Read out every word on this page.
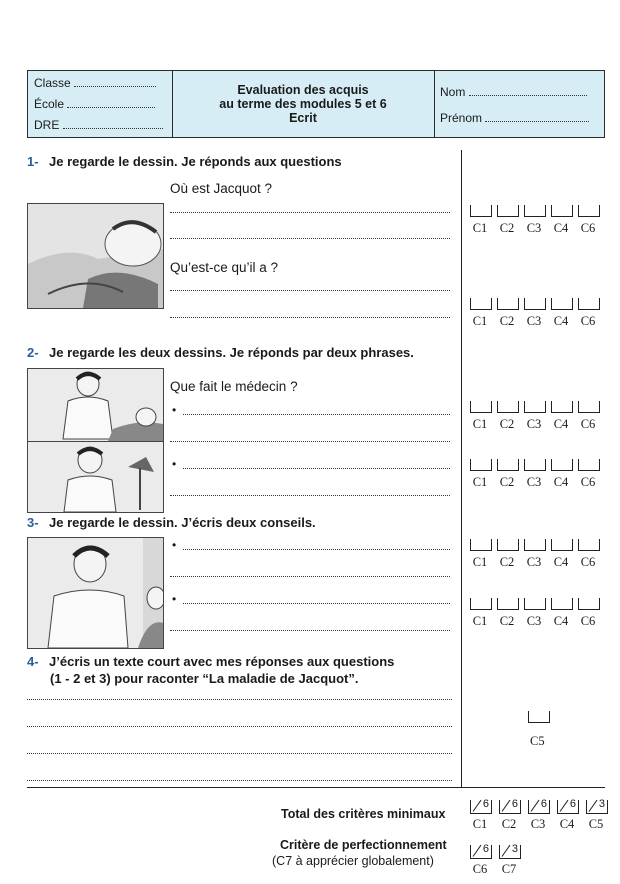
Classe
École
DRE
Evaluation des acquis
au terme des modules 5 et 6
Ecrit
Nom
Prénom
1- Je regarde le dessin. Je réponds aux questions
Où est Jacquot ?
Qu’est-ce qu’il a ?
2- Je regarde les deux dessins. Je réponds par deux phrases.
Que fait le médecin ?
•
•
3- Je regarde le dessin. J’écris deux conseils.
•
•
4- J’écris un texte court avec mes réponses aux questions
(1 - 2 et 3) pour raconter “La maladie de Jacquot”.
C1 C2 C3 C4 C6
C1 C2 C3 C4 C6
C1 C2 C3 C4 C6
C1 C2 C3 C4 C6
C1 C2 C3 C4 C6
C1 C2 C3 C4 C6
C5
Total des critères minimaux
6
C1
6
C2
6
C3
6
C4
3
C5
Critère de perfectionnement
(C7 à apprécier globalement)
6
C6
3
C7
